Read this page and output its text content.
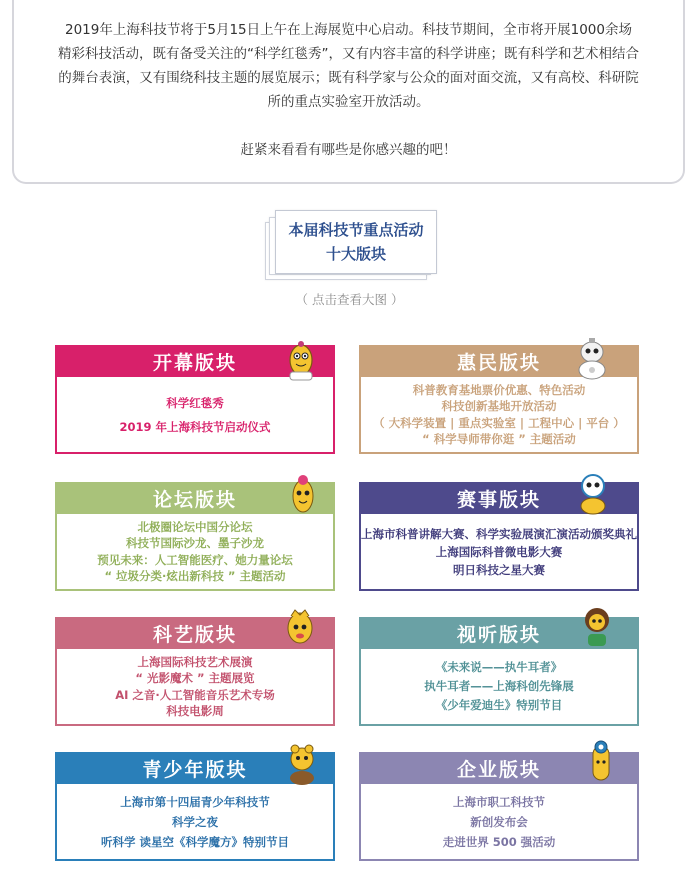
2019年上海科技节将于5月15日上午在上海展览中心启动。科技节期间，全市将开展1000余场

精彩科技活动，既有备受关注的“科学红毯秀”，又有内容丰富的科学讲座；既有科学和艺术相结合

的舞台表演，又有围绕科技主题的展览展示；既有科学家与公众的面对面交流，又有高校、科研院

所的重点实验室开放活动。

赶紧来看看有哪些是你感兴趣的吧！

本届科技节重点活动
十大版块
（ 点击查看大图 ）
开幕版块
科学红毯秀
2019 年上海科技节启动仪式
惠民版块
科普教育基地票价优惠、特色活动
科技创新基地开放活动
（ 大科学装置 | 重点实验室 | 工程中心 | 平台 ）
“ 科学导师带你逛 ” 主题活动
论坛版块
北极圈论坛中国分论坛
科技节国际沙龙、墨子沙龙
预见未来：人工智能医疗、她力量论坛
“ 垃圾分类·炫出新科技 ” 主题活动
赛事版块
上海市科普讲解大赛、科学实验展演汇演活动颁奖典礼
上海国际科普微电影大赛
明日科技之星大赛
科艺版块
上海国际科技艺术展演
“ 光影魔术 ” 主题展览
AI 之音·人工智能音乐艺术专场
科技电影周
视听版块
《未来说——执牛耳者》
执牛耳者——上海科创先锋展
《少年爱迪生》特别节目
青少年版块
上海市第十四届青少年科技节
科学之夜
听科学 读星空《科学魔方》特别节目
企业版块
上海市职工科技节
新创发布会
走进世界 500 强活动
